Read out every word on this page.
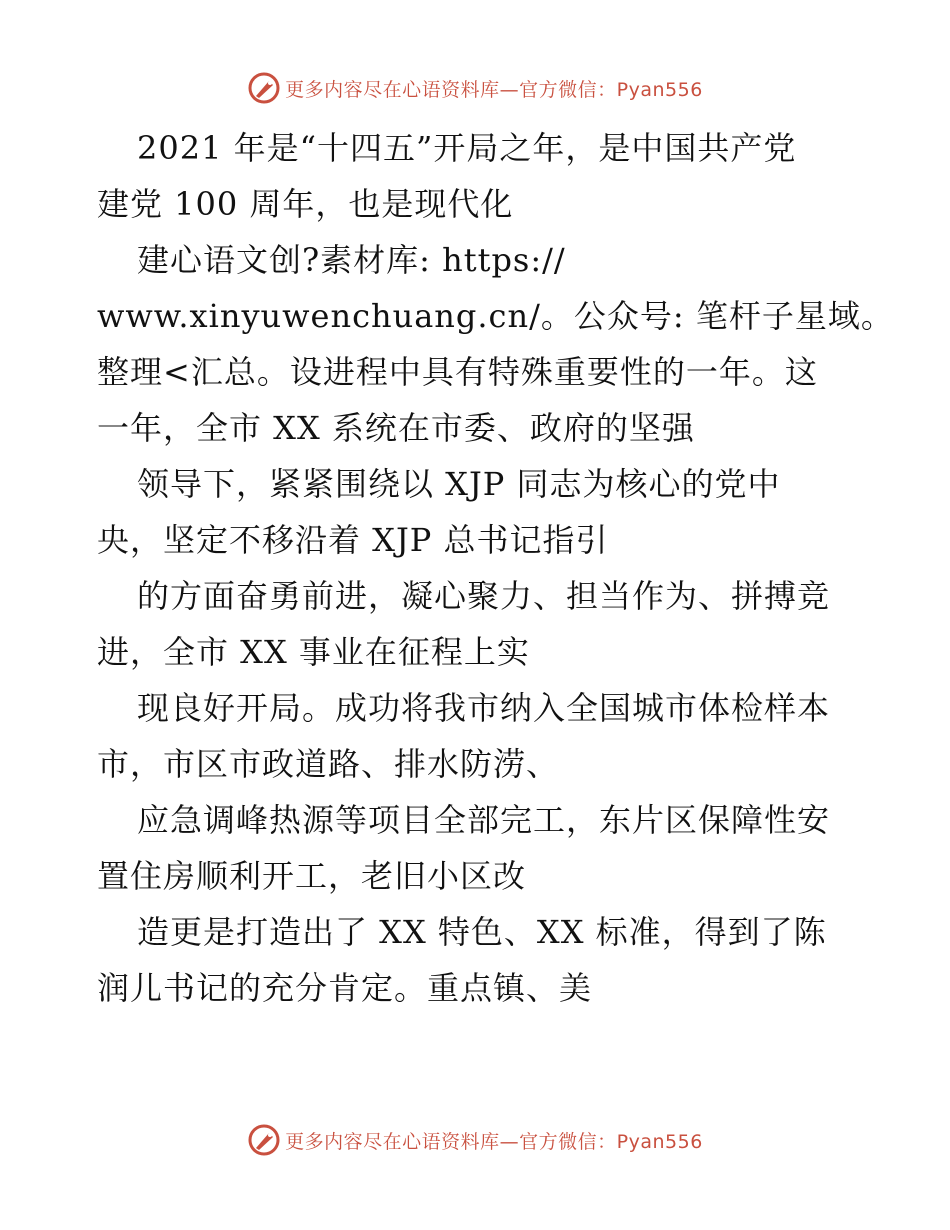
更多内容尽在心语资料库—官方微信：Pyan556
2021 年是“十四五”开局之年，是中国共产党
建党 100 周年，也是现代化
建心语文创?素材库: https://
www.xinyuwenchuang.cn/。公众号: 笔杆子星域。
整理<汇总。设进程中具有特殊重要性的一年。这
一年，全市 XX 系统在市委、政府的坚强
领导下，紧紧围绕以 XJP 同志为核心的党中
央，坚定不移沿着 XJP 总书记指引
的方面奋勇前进，凝心聚力、担当作为、拼搏竞
进，全市 XX 事业在征程上实
现良好开局。成功将我市纳入全国城市体检样本
市，市区市政道路、排水防涝、
应急调峰热源等项目全部完工，东片区保障性安
置住房顺利开工，老旧小区改
造更是打造出了 XX 特色、XX 标准，得到了陈
润儿书记的充分肯定。重点镇、美
更多内容尽在心语资料库—官方微信：Pyan556
